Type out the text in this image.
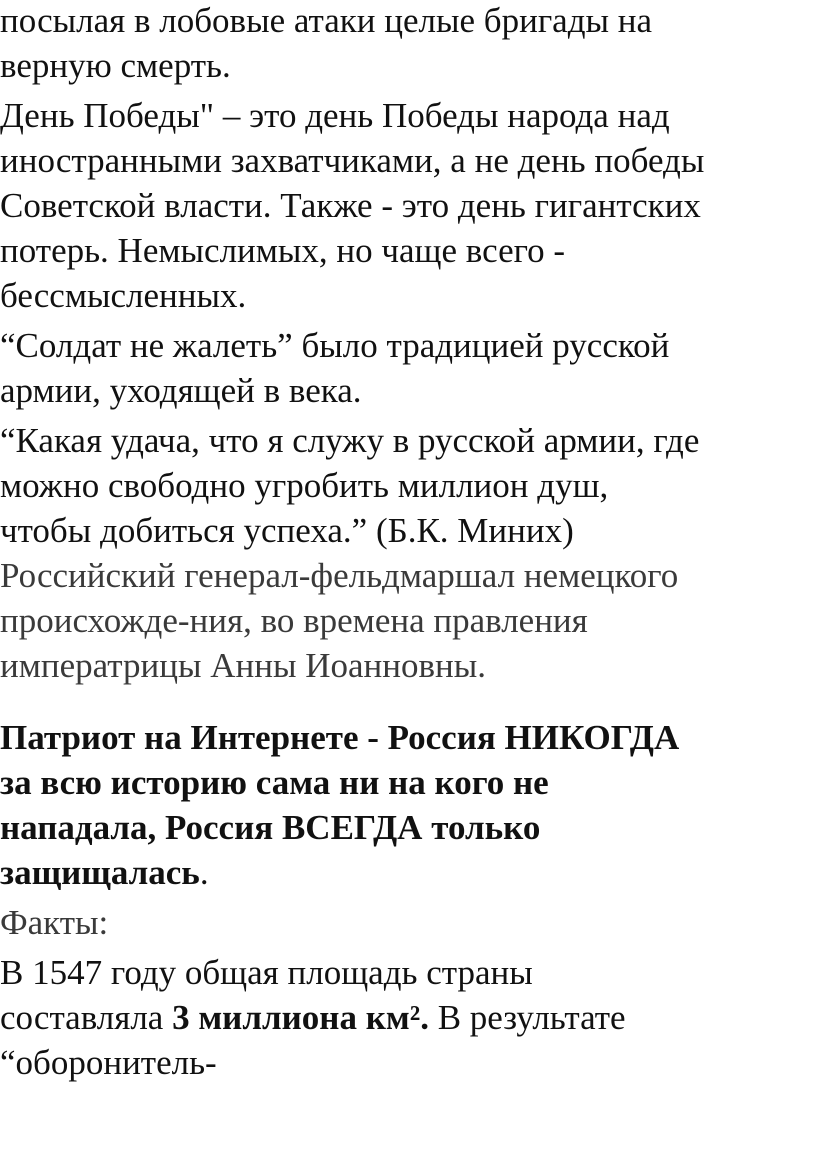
посылая в лобовые атаки целые бригады на
верную смерть.
День Победы" – это день Победы народа над
иностранными захватчиками, а не день победы
Советской власти. Также - это день гигантских
потерь. Немыслимых, но чаще всего -
бессмысленных.
“Солдат не жалеть” было традицией русской
армии, уходящей в века.
“Какая удача, что я служу в русской армии, где
можно свободно угробить миллион душ,
чтобы добиться успеха.” (Б.К. Миних)
Российский генерал-фельдмаршал немецкого
происхожде-ния, во времена правления
императрицы Анны Иоанновны.
Патриот на Интернете - Россия НИКОГДА
за всю историю сама ни на кого не
нападала, Россия ВСЕГДА только
защищалась.
Факты:
В 1547 году общая площадь страны
составляла 3 миллиона км². В результате
“оборонитель-
